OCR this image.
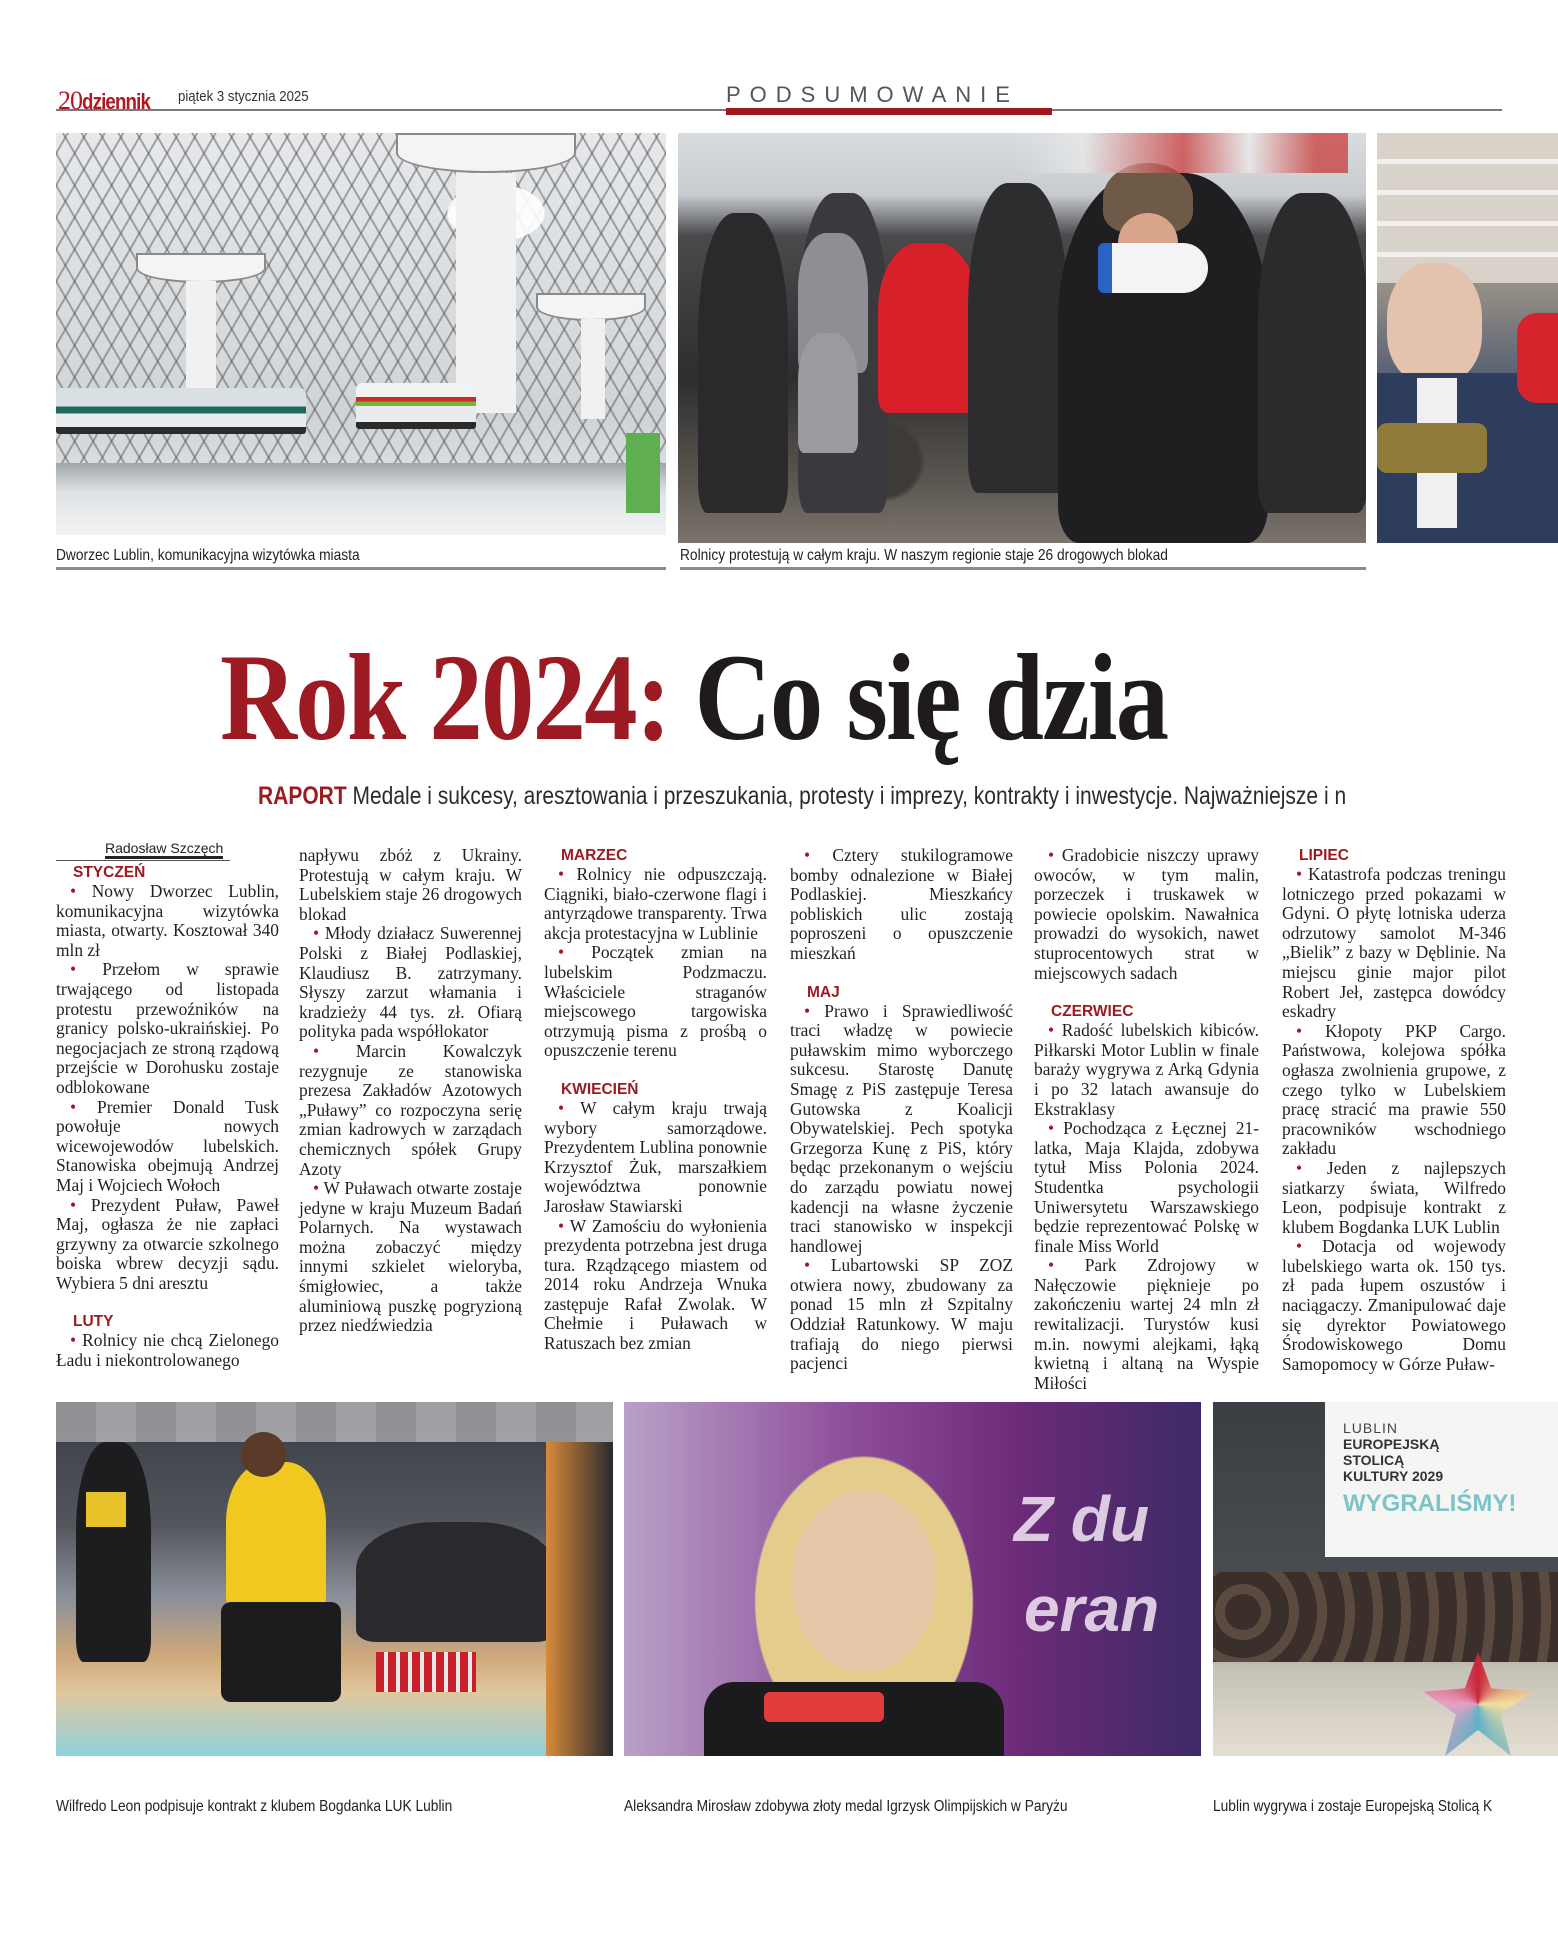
20dziennik	piątek 3 stycznia 2025	PODSUMOWANIE
Dworzec Lublin, komunikacyjna wizytówka miasta	Rolnicy protestują w całym kraju. W naszym regionie staje 26 drogowych blokad
Rok 2024: Co się dzia
RAPORT Medale i sukcesy, aresztowania i przeszukania, protesty i imprezy, kontrakty i inwestycje. Najważniejsze i n
Radosław Szczęch
STYCZEŃ

• Nowy Dworzec Lublin, komunikacyjna wizytówka miasta, otwarty. Kosztował 340 mln zł

• Przełom w sprawie trwającego od listopada protestu przewoźników na granicy polsko-ukraińskiej. Po negocjacjach ze stroną rządową przejście w Dorohusku zostaje odblokowane

• Premier Donald Tusk powołuje nowych wicewojewodów lubelskich. Stanowiska obejmują Andrzej Maj i Wojciech Wołoch

• Prezydent Puław, Paweł Maj, ogłasza że nie zapłaci grzywny za otwarcie szkolnego boiska wbrew decyzji sądu. Wybiera 5 dni aresztu

LUTY

• Rolnicy nie chcą Zielonego Ładu i niekontrolowanego

napływu zbóż z Ukrainy. Protestują w całym kraju. W Lubelskiem staje 26 drogowych blokad

• Młody działacz Suwerennej Polski z Białej Podlaskiej, Klaudiusz B. zatrzymany. Słyszy zarzut włamania i kradzieży 44 tys. zł. Ofiarą polityka pada współlokator

• Marcin Kowalczyk rezygnuje ze stanowiska prezesa Zakładów Azotowych „Puławy” co rozpoczyna serię zmian kadrowych w zarządach chemicznych spółek Grupy Azoty

• W Puławach otwarte zostaje jedyne w kraju Muzeum Badań Polarnych. Na wystawach można zobaczyć między innymi szkielet wieloryba, śmigłowiec, a także aluminiową puszkę pogryzioną przez niedźwiedzia

MARZEC

• Rolnicy nie odpuszczają. Ciągniki, biało-czerwone flagi i antyrządowe transparenty. Trwa akcja protestacyjna w Lublinie

• Początek zmian na lubelskim Podzmaczu. Właściciele straganów miejscowego targowiska otrzymują pisma z prośbą o opuszczenie terenu

KWIECIEŃ

• W całym kraju trwają wybory samorządowe. Prezydentem Lublina ponownie Krzysztof Żuk, marszałkiem województwa ponownie Jarosław Stawiarski

• W Zamościu do wyłonienia prezydenta potrzebna jest druga tura. Rządzącego miastem od 2014 roku Andrzeja Wnuka zastępuje Rafał Zwolak. W Chełmie i Puławach w Ratuszach bez zmian

• Cztery stukilogramowe bomby odnalezione w Białej Podlaskiej. Mieszkańcy pobliskich ulic zostają poproszeni o opuszczenie mieszkań

MAJ

• Prawo i Sprawiedliwość traci władzę w powiecie puławskim mimo wyborczego sukcesu. Starostę Danutę Smagę z PiS zastępuje Teresa Gutowska z Koalicji Obywatelskiej. Pech spotyka Grzegorza Kunę z PiS, który będąc przekonanym o wejściu do zarządu powiatu nowej kadencji na własne życzenie traci stanowisko w inspekcji handlowej

• Lubartowski SP ZOZ otwiera nowy, zbudowany za ponad 15 mln zł Szpitalny Oddział Ratunkowy. W maju trafiają do niego pierwsi pacjenci

• Gradobicie niszczy uprawy owoców, w tym malin, porzeczek i truskawek w powiecie opolskim. Nawałnica prowadzi do wysokich, nawet stuprocentowych strat w miejscowych sadach

CZERWIEC

• Radość lubelskich kibiców. Piłkarski Motor Lublin w finale baraży wygrywa z Arką Gdynia i po 32 latach awansuje do Ekstraklasy

• Pochodząca z Łęcznej 21-latka, Maja Klajda, zdobywa tytuł Miss Polonia 2024. Studentka psychologii Uniwersytetu Warszawskiego będzie reprezentować Polskę w finale Miss World

• Park Zdrojowy w Nałęczowie pięknieje po zakończeniu wartej 24 mln zł rewitalizacji. Turystów kusi m.in. nowymi alejkami, łąką kwietną i altaną na Wyspie Miłości

LIPIEC

• Katastrofa podczas treningu lotniczego przed pokazami w Gdyni. O płytę lotniska uderza odrzutowy samolot M-346 „Bielik” z bazy w Dęblinie. Na miejscu ginie major pilot Robert Jeł, zastępca dowódcy eskadry

• Kłopoty PKP Cargo. Państwowa, kolejowa spółka ogłasza zwolnienia grupowe, z czego tylko w Lubelskiem pracę stracić ma prawie 550 pracowników wschodniego zakładu

• Jeden z najlepszych siatkarzy świata, Wilfredo Leon, podpisuje kontrakt z klubem Bogdanka LUK Lublin

• Dotacja od wojewody lubelskiego warta ok. 150 tys. zł pada łupem oszustów i naciągaczy. Zmanipulować daje się dyrektor Powiatowego Środowiskowego Domu Samopomocy w Górze Puław-

Z du
eran
LUBLIN
EUROPEJSKĄ
STOLICĄ
KULTURY 2029
WYGRALIŚMY!
Wilfredo Leon podpisuje kontrakt z klubem Bogdanka LUK Lublin	Aleksandra Mirosław zdobywa złoty medal Igrzysk Olimpijskich w Paryżu	Lublin wygrywa i zostaje Europejską Stolicą K
